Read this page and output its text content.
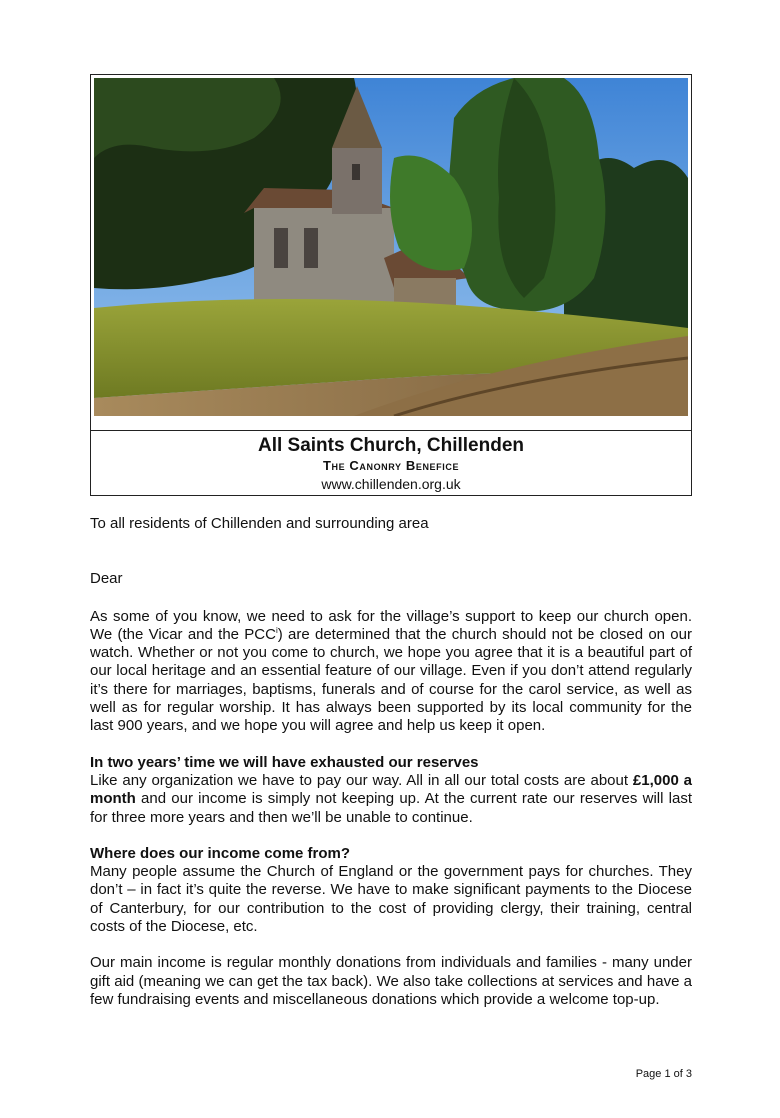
All Saints Church, Chillenden
The Canonry Benefice
www.chillenden.org.uk

To all residents of Chillenden and surrounding area

Dear

As some of you know, we need to ask for the village’s support to keep our church open. We (the Vicar and the PCC$^i$) are determined that the church should not be closed on our watch. Whether or not you come to church, we hope you agree that it is a beautiful part of our local heritage and an essential feature of our village. Even if you don’t attend regularly it’s there for marriages, baptisms, funerals and of course for the carol service, as well as well as for regular worship. It has always been supported by its local community for the last 900 years, and we hope you will agree and help us keep it open.

In two years’ time we will have exhausted our reserves

Like any organization we have to pay our way. All in all our total costs are about £1,000 a month and our income is simply not keeping up. At the current rate our reserves will last for three more years and then we’ll be unable to continue.

Where does our income come from?

Many people assume the Church of England or the government pays for churches. They don’t – in fact it’s quite the reverse. We have to make significant payments to the Diocese of Canterbury, for our contribution to the cost of providing clergy, their training, central costs of the Diocese, etc.

Our main income is regular monthly donations from individuals and families - many under gift aid (meaning we can get the tax back). We also take collections at services and have a few fundraising events and miscellaneous donations which provide a welcome top-up.

Page 1 of 3
